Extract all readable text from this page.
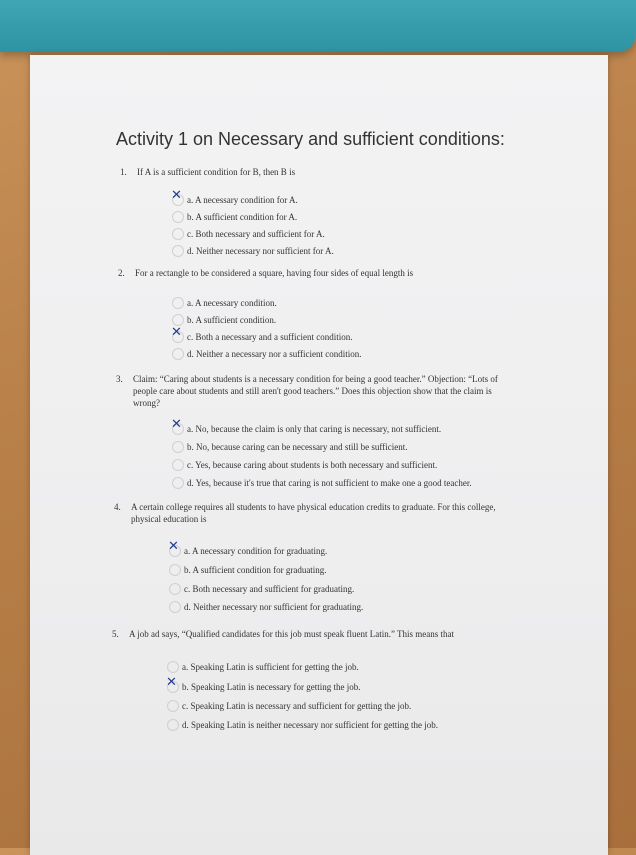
Activity 1 on Necessary and sufficient conditions:
1. If A is a sufficient condition for B, then B is
✕ a. A necessary condition for A.
b. A sufficient condition for A.
c. Both necessary and sufficient for A.
d. Neither necessary nor sufficient for A.
2. For a rectangle to be considered a square, having four sides of equal length is
a. A necessary condition.
b. A sufficient condition.
✕ c. Both a necessary and a sufficient condition.
d. Neither a necessary nor a sufficient condition.
3. Claim: “Caring about students is a necessary condition for being a good teacher.” Objection: “Lots of people care about students and still aren't good teachers.” Does this objection show that the claim is wrong?
✕ a. No, because the claim is only that caring is necessary, not sufficient.
b. No, because caring can be necessary and still be sufficient.
c. Yes, because caring about students is both necessary and sufficient.
d. Yes, because it's true that caring is not sufficient to make one a good teacher.
4. A certain college requires all students to have physical education credits to graduate. For this college, physical education is
✕ a. A necessary condition for graduating.
b. A sufficient condition for graduating.
c. Both necessary and sufficient for graduating.
d. Neither necessary nor sufficient for graduating.
5. A job ad says, “Qualified candidates for this job must speak fluent Latin.” This means that
a. Speaking Latin is sufficient for getting the job.
✕ b. Speaking Latin is necessary for getting the job.
c. Speaking Latin is necessary and sufficient for getting the job.
d. Speaking Latin is neither necessary nor sufficient for getting the job.
